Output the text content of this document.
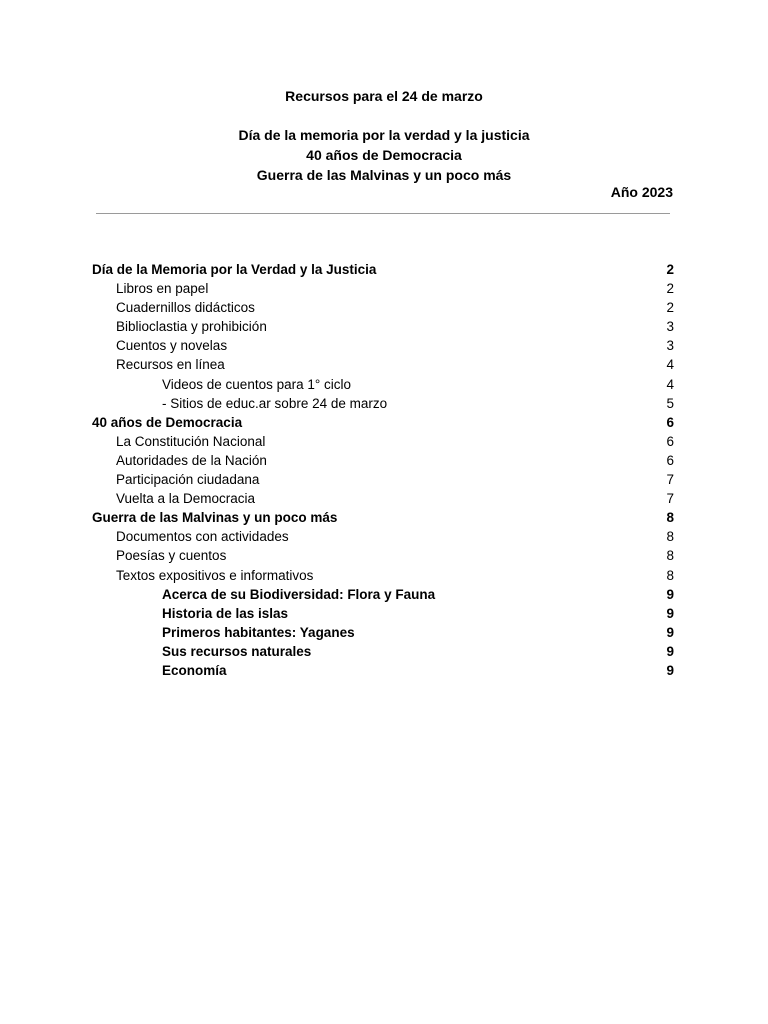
Recursos para el 24 de marzo
Día de la memoria por la verdad y la justicia
40 años de Democracia
Guerra de las Malvinas y un poco más
Año 2023
Día de la Memoria por la Verdad y la Justicia	2
Libros en papel	2
Cuadernillos didácticos	2
Biblioclastia y prohibición	3
Cuentos y novelas	3
Recursos en línea	4
Videos de cuentos para 1° ciclo	4
- Sitios de educ.ar sobre 24 de marzo	5
40 años de Democracia	6
La Constitución Nacional	6
Autoridades de la Nación	6
Participación ciudadana	7
Vuelta a la Democracia	7
Guerra de las Malvinas y un poco más	8
Documentos con actividades	8
Poesías y cuentos	8
Textos expositivos e informativos	8
Acerca de su Biodiversidad: Flora y Fauna	9
Historia de las islas	9
Primeros habitantes: Yaganes	9
Sus recursos naturales	9
Economía	9
